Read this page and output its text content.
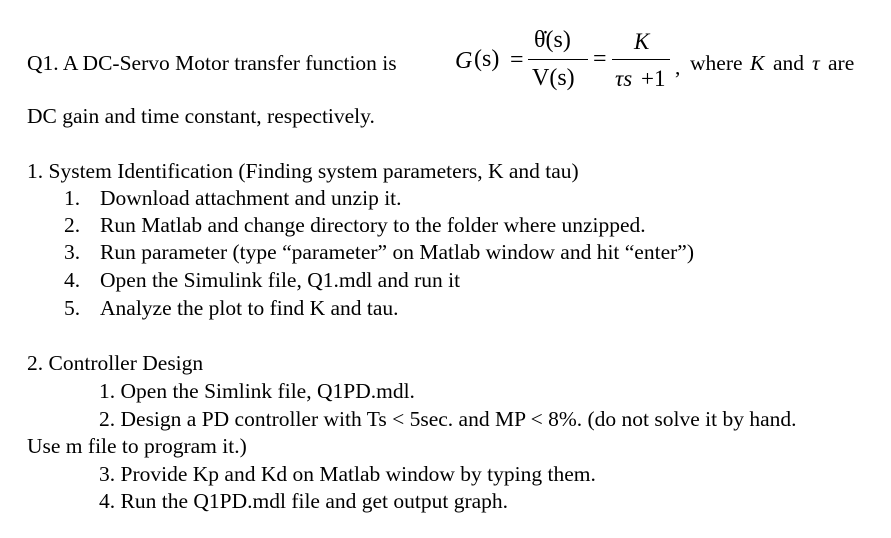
Q1. A DC-Servo Motor transfer function is G (s) =
θ̇(s)
V(s)
=
K
τs +1 , where K and τ are
DC gain and time constant, respectively.
1. System Identification (Finding system parameters, K and tau)
1. Download attachment and unzip it.
2. Run Matlab and change directory to the folder where unzipped.
3. Run parameter (type “parameter” on Matlab window and hit “enter”)
4. Open the Simulink file, Q1.mdl and run it
5. Analyze the plot to find K and tau.
2. Controller Design
1. Open the Simlink file, Q1PD.mdl.
2. Design a PD controller with Ts < 5sec. and MP < 8%. (do not solve it by hand.
Use m file to program it.)
3. Provide Kp and Kd on Matlab window by typing them.
4. Run the Q1PD.mdl file and get output graph.
